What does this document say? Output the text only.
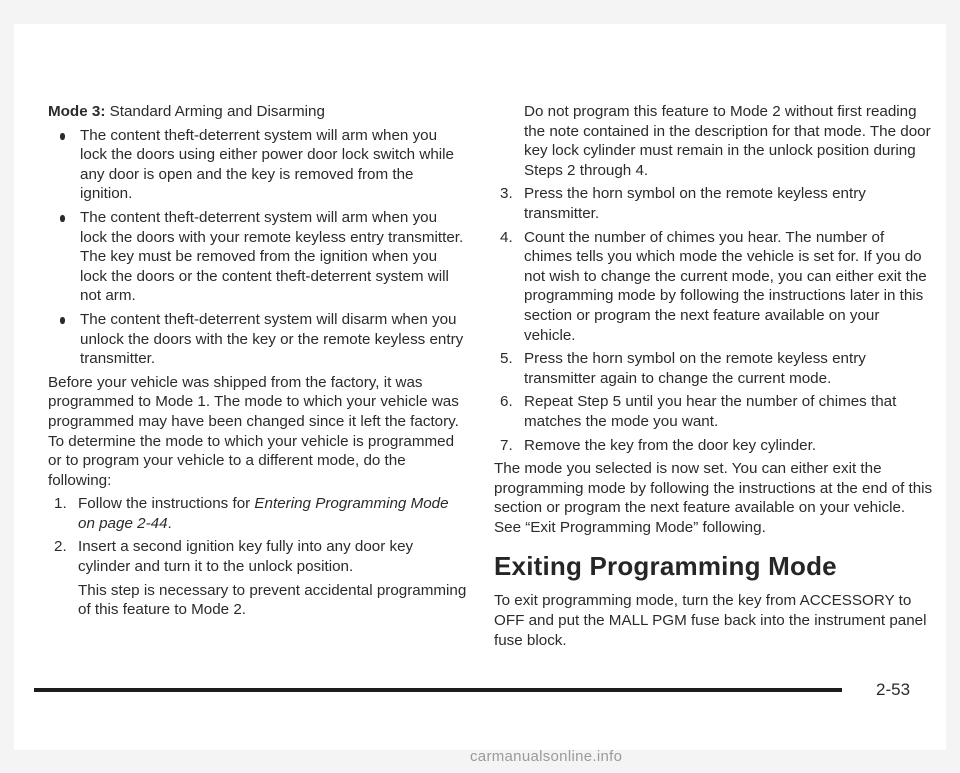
Mode 3: Standard Arming and Disarming

The content theft-deterrent system will arm when you lock the doors using either power door lock switch while any door is open and the key is removed from the ignition.
The content theft-deterrent system will arm when you lock the doors with your remote keyless entry transmitter. The key must be removed from the ignition when you lock the doors or the content theft-deterrent system will not arm.
The content theft-deterrent system will disarm when you unlock the doors with the key or the remote keyless entry transmitter.

Before your vehicle was shipped from the factory, it was programmed to Mode 1. The mode to which your vehicle was programmed may have been changed since it left the factory. To determine the mode to which your vehicle is programmed or to program your vehicle to a different mode, do the following:

1. Follow the instructions for Entering Programming Mode on page 2-44.
2. Insert a second ignition key fully into any door key cylinder and turn it to the unlock position.

This step is necessary to prevent accidental programming of this feature to Mode 2.

Do not program this feature to Mode 2 without first reading the note contained in the description for that mode. The door key lock cylinder must remain in the unlock position during Steps 2 through 4.

3. Press the horn symbol on the remote keyless entry transmitter.
4. Count the number of chimes you hear. The number of chimes tells you which mode the vehicle is set for. If you do not wish to change the current mode, you can either exit the programming mode by following the instructions later in this section or program the next feature available on your vehicle.
5. Press the horn symbol on the remote keyless entry transmitter again to change the current mode.
6. Repeat Step 5 until you hear the number of chimes that matches the mode you want.
7. Remove the key from the door key cylinder.

The mode you selected is now set. You can either exit the programming mode by following the instructions at the end of this section or program the next feature available on your vehicle. See “Exit Programming Mode” following.

Exiting Programming Mode

To exit programming mode, turn the key from ACCESSORY to OFF and put the MALL PGM fuse back into the instrument panel fuse block.

2-53
carmanualsonline.info
